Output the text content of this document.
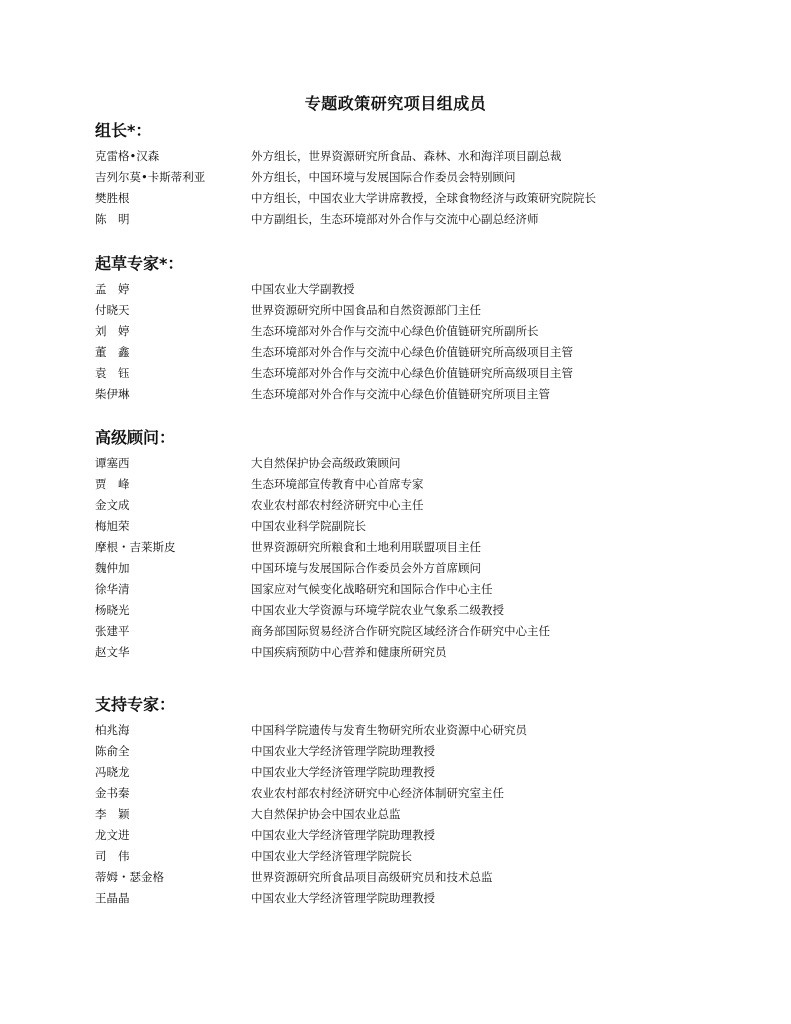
专题政策研究项目组成员
组长*：
克雷格•汉森	外方组长，世界资源研究所食品、森林、水和海洋项目副总裁
吉列尔莫•卡斯蒂利亚	外方组长，中国环境与发展国际合作委员会特别顾问
樊胜根	中方组长，中国农业大学讲席教授，全球食物经济与政策研究院院长
陈　明	中方副组长，生态环境部对外合作与交流中心副总经济师
起草专家*：
孟　婷	中国农业大学副教授
付晓天	世界资源研究所中国食品和自然资源部门主任
刘　婷	生态环境部对外合作与交流中心绿色价值链研究所副所长
董　鑫	生态环境部对外合作与交流中心绿色价值链研究所高级项目主管
袁　钰	生态环境部对外合作与交流中心绿色价值链研究所高级项目主管
柴伊琳	生态环境部对外合作与交流中心绿色价值链研究所项目主管
高级顾问：
谭塞西	大自然保护协会高级政策顾问
贾　峰	生态环境部宣传教育中心首席专家
金文成	农业农村部农村经济研究中心主任
梅旭荣	中国农业科学院副院长
摩根・吉莱斯皮	世界资源研究所粮食和土地利用联盟项目主任
魏仲加	中国环境与发展国际合作委员会外方首席顾问
徐华清	国家应对气候变化战略研究和国际合作中心主任
杨晓光	中国农业大学资源与环境学院农业气象系二级教授
张建平	商务部国际贸易经济合作研究院区域经济合作研究中心主任
赵文华	中国疾病预防中心营养和健康所研究员
支持专家：
柏兆海	中国科学院遗传与发育生物研究所农业资源中心研究员
陈俞全	中国农业大学经济管理学院助理教授
冯晓龙	中国农业大学经济管理学院助理教授
金书秦	农业农村部农村经济研究中心经济体制研究室主任
李　颖	大自然保护协会中国农业总监
龙文进	中国农业大学经济管理学院助理教授
司　伟	中国农业大学经济管理学院院长
蒂姆・瑟金格	世界资源研究所食品项目高级研究员和技术总监
王晶晶	中国农业大学经济管理学院助理教授
